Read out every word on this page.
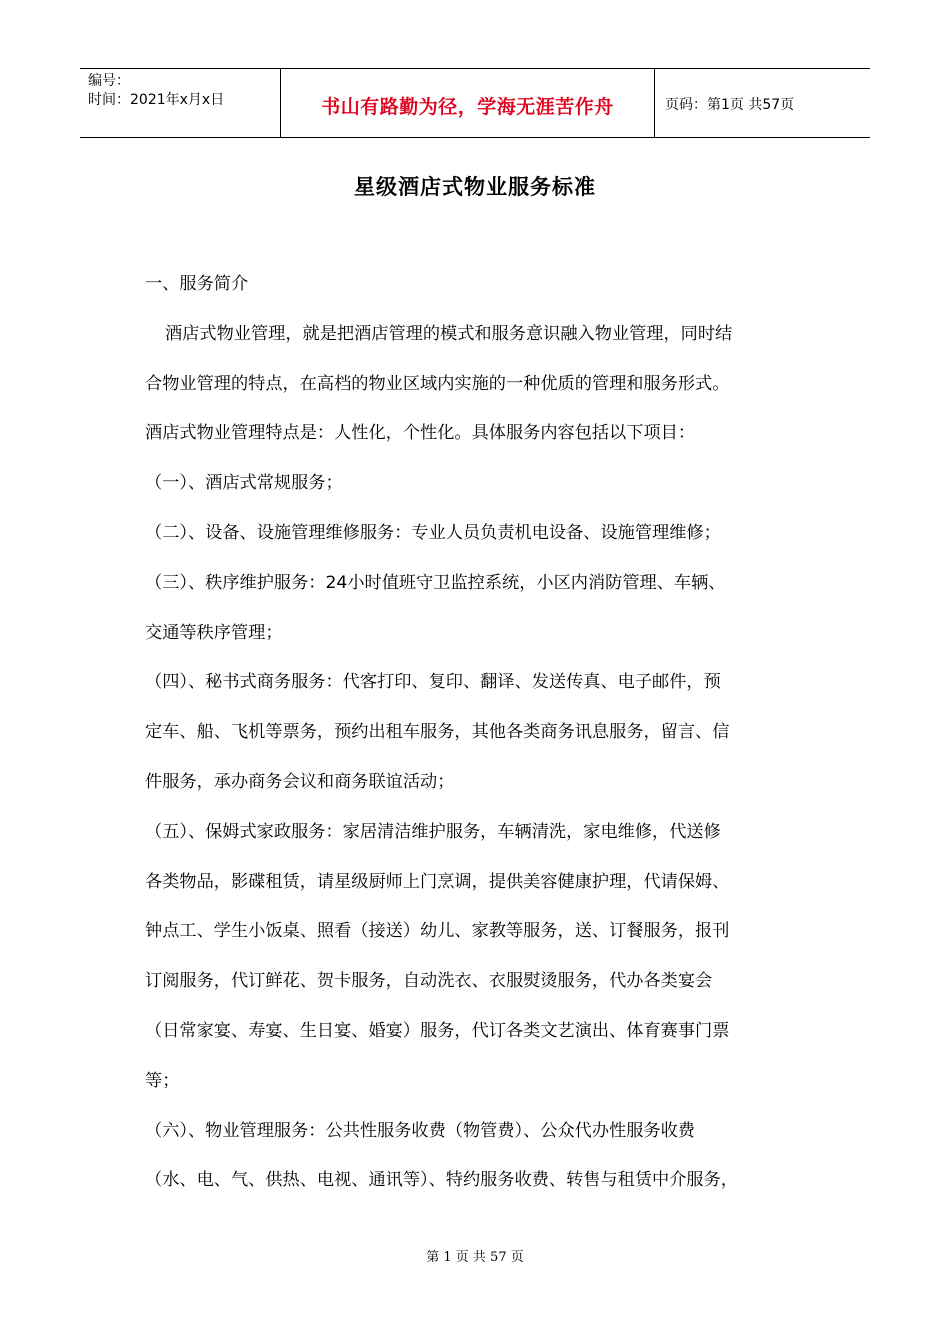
编号：
时间：2021年x月x日	书山有路勤为径，学海无涯苦作舟	页码：第1页 共57页
星级酒店式物业服务标准
一、服务简介
酒店式物业管理，就是把酒店管理的模式和服务意识融入物业管理，同时结
合物业管理的特点，在高档的物业区域内实施的一种优质的管理和服务形式。
酒店式物业管理特点是：人性化，个性化。具体服务内容包括以下项目：
（一）、酒店式常规服务；
（二）、设备、设施管理维修服务：专业人员负责机电设备、设施管理维修；
（三）、秩序维护服务：24小时值班守卫监控系统，小区内消防管理、车辆、
交通等秩序管理；
（四）、秘书式商务服务：代客打印、复印、翻译、发送传真、电子邮件，预
定车、船、飞机等票务，预约出租车服务，其他各类商务讯息服务，留言、信
件服务，承办商务会议和商务联谊活动；
（五）、保姆式家政服务：家居清洁维护服务，车辆清洗，家电维修，代送修
各类物品，影碟租赁，请星级厨师上门烹调，提供美容健康护理，代请保姆、
钟点工、学生小饭桌、照看（接送）幼儿、家教等服务，送、订餐服务，报刊
订阅服务，代订鲜花、贺卡服务，自动洗衣、衣服熨烫服务，代办各类宴会
（日常家宴、寿宴、生日宴、婚宴）服务，代订各类文艺演出、体育赛事门票
等；
（六）、物业管理服务：公共性服务收费（物管费）、公众代办性服务收费
（水、电、气、供热、电视、通讯等）、特约服务收费、转售与租赁中介服务，
第 1 页 共 57 页
